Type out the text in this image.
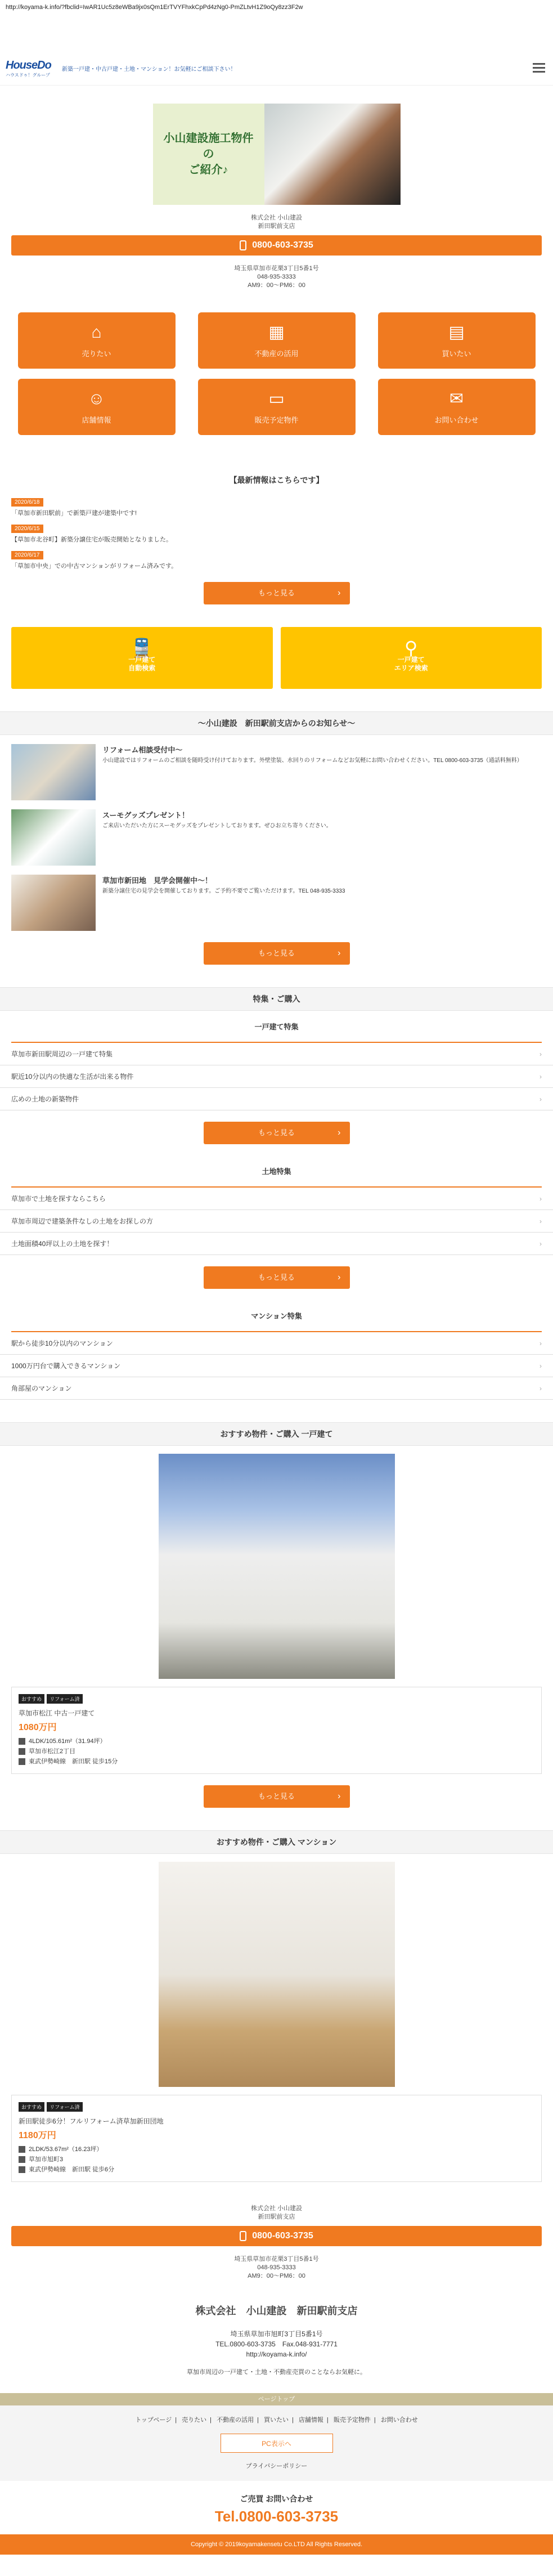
http://koyama-k.info/?fbclid=IwAR1Uc5z8eWBa9jx0sQm1ErTVYFhxkCpPd4zNg0-PmZLtvH1Z9oQy8zz3F2w
HouseDo
ハウスドゥ！グループ
新築一戸建・中古戸建・土地・マンション！お気軽にご相談下さい！
小山建設施工物件の
ご紹介♪
株式会社 小山建設
新田駅前支店
0800-603-3735
埼玉県草加市花栗3丁目5番1号
048-935-3333
AM9：00〜PM6：00
⌂
売りたい
▦
不動産の活用
▤
買いたい
☺
店舗情報
▭
販売予定物件
✉
お問い合わせ
【最新情報はこちらです】
2020/6/18
「草加市新田駅前」で新築戸建が建築中です!
2020/6/15
【草加市北谷町】新築分譲住宅が販売開始となりました。
2020/6/17
「草加市中央」での中古マンションがリフォーム済みです。
もっと見る ›
🚆
一戸建て
自動検索
⚲
一戸建て
エリア検索
〜小山建設　新田駅前支店からのお知らせ〜
リフォーム相談受付中〜
小山建設ではリフォームのご相談を随時受け付けております。外壁塗装、水回りのリフォームなどお気軽にお問い合わせください。TEL 0800-603-3735（通話料無料）
スーモグッズプレゼント！
ご来店いただいた方にスーモグッズをプレゼントしております。ぜひお立ち寄りください。
草加市新田地　見学会開催中〜！
新築分譲住宅の見学会を開催しております。ご予約不要でご覧いただけます。TEL 048-935-3333
もっと見る ›
特集・ご購入
一戸建て特集
草加市新田駅周辺の一戸建て特集 ›
駅近10分以内の快適な生活が出来る物件 ›
広めの土地の新築物件 ›
もっと見る ›
土地特集
草加市で土地を探すならこちら ›
草加市周辺で建築条件なしの土地をお探しの方 ›
土地面積40坪以上の土地を探す！ ›
もっと見る ›
マンション特集
駅から徒歩10分以内のマンション ›
1000万円台で購入できるマンション ›
角部屋のマンション ›
おすすめ物件・ご購入 一戸建て
おすすめ リフォーム済
草加市松江 中古一戸建て
1080万円
4LDK/105.61m²（31.94坪）
草加市松江2丁目
東武伊勢崎線　新田駅 徒歩15分
もっと見る ›
おすすめ物件・ご購入 マンション
おすすめ リフォーム済
新田駅徒歩6分！フルリフォーム済草加新田団地
1180万円
2LDK/53.67m²（16.23坪）
草加市旭町3
東武伊勢崎線　新田駅 徒歩6分
株式会社 小山建設
新田駅前支店
0800-603-3735
埼玉県草加市花栗3丁目5番1号
048-935-3333
AM9：00〜PM6：00
株式会社　小山建設　新田駅前支店
埼玉県草加市旭町3丁目5番1号
TEL.0800-603-3735　Fax.048-931-7771
http://koyama-k.info/
草加市周辺の一戸建て・土地・不動産売買のことならお気軽に。
ページトップ
トップページ | 売りたい | 不動産の活用 | 買いたい | 店舗情報 | 販売予定物件 | お問い合わせ
PC表示へ
プライバシーポリシー
ご売買 お問い合わせ
Tel.0800-603-3735
Copyright © 2019koyamakensetu Co.LTD All Rights Reserved.
